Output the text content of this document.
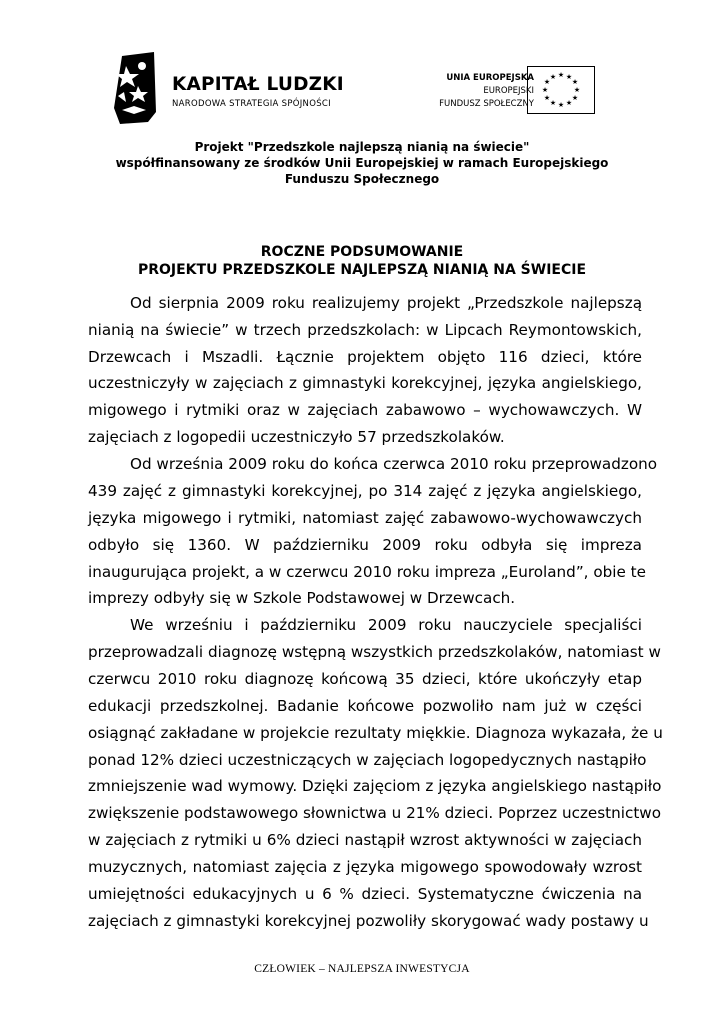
KAPITAŁ LUDZKI
NARODOWA STRATEGIA SPÓJNOŚCI
UNIA EUROPEJSKA
EUROPEJSKI
FUNDUSZ SPOŁECZNY
★ ★
★
★
★
★
★
★
★
★
★
★
Projekt "Przedszkole najlepszą nianią na świecie"
współfinansowany ze środków Unii Europejskiej w ramach Europejskiego
Funduszu Społecznego
ROCZNE PODSUMOWANIE
PROJEKTU PRZEDSZKOLE NAJLEPSZĄ NIANIĄ NA ŚWIECIE
Od sierpnia 2009 roku realizujemy projekt „Przedszkole najlepszą
nianią na świecie” w trzech przedszkolach: w Lipcach Reymontowskich,
Drzewcach i Mszadli. Łącznie projektem objęto 116 dzieci, które
uczestniczyły w zajęciach z gimnastyki korekcyjnej, języka angielskiego,
migowego i rytmiki oraz w zajęciach zabawowo – wychowawczych. W
zajęciach z logopedii uczestniczyło 57 przedszkolaków.
Od września 2009 roku do końca czerwca 2010 roku przeprowadzono
439 zajęć z gimnastyki korekcyjnej, po 314 zajęć z języka angielskiego,
języka migowego i rytmiki, natomiast zajęć zabawowo-wychowawczych
odbyło się 1360. W październiku 2009 roku odbyła się impreza
inaugurująca projekt, a w czerwcu 2010 roku impreza „Euroland”, obie te
imprezy odbyły się w Szkole Podstawowej w Drzewcach.
We wrześniu i październiku 2009 roku nauczyciele specjaliści
przeprowadzali diagnozę wstępną wszystkich przedszkolaków, natomiast w
czerwcu 2010 roku diagnozę końcową 35 dzieci, które ukończyły etap
edukacji przedszkolnej. Badanie końcowe pozwoliło nam już w części
osiągnąć zakładane w projekcie rezultaty miękkie. Diagnoza wykazała, że u
ponad 12% dzieci uczestniczących w zajęciach logopedycznych nastąpiło
zmniejszenie wad wymowy. Dzięki zajęciom z języka angielskiego nastąpiło
zwiększenie podstawowego słownictwa u 21% dzieci. Poprzez uczestnictwo
w zajęciach z rytmiki u 6% dzieci nastąpił wzrost aktywności w zajęciach
muzycznych, natomiast zajęcia z języka migowego spowodowały wzrost
umiejętności edukacyjnych u 6 % dzieci. Systematyczne ćwiczenia na
zajęciach z gimnastyki korekcyjnej pozwoliły skorygować wady postawy u
CZŁOWIEK – NAJLEPSZA INWESTYCJA
